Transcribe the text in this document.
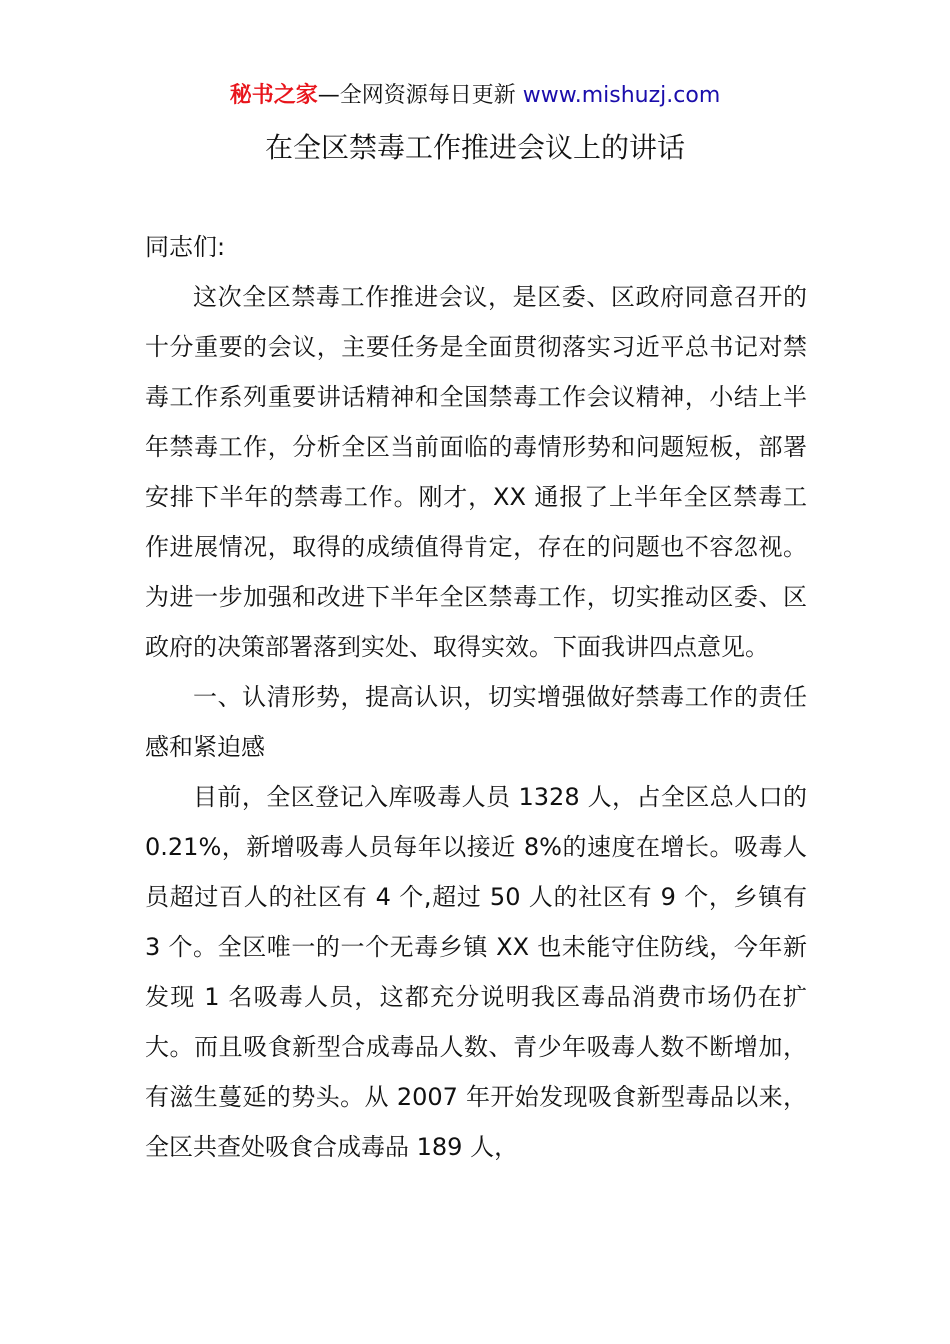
秘书之家—全网资源每日更新 www.mishuzj.com
在全区禁毒工作推进会议上的讲话

同志们:

这次全区禁毒工作推进会议，是区委、区政府同意召开的十分重要的会议，主要任务是全面贯彻落实习近平总书记对禁毒工作系列重要讲话精神和全国禁毒工作会议精神，小结上半年禁毒工作，分析全区当前面临的毒情形势和问题短板，部署安排下半年的禁毒工作。刚才，XX 通报了上半年全区禁毒工作进展情况，取得的成绩值得肯定，存在的问题也不容忽视。为进一步加强和改进下半年全区禁毒工作，切实推动区委、区政府的决策部署落到实处、取得实效。下面我讲四点意见。

一、认清形势，提高认识，切实增强做好禁毒工作的责任感和紧迫感

目前，全区登记入库吸毒人员 1328 人，占全区总人口的 0.21%，新增吸毒人员每年以接近 8%的速度在增长。吸毒人员超过百人的社区有 4 个,超过 50 人的社区有 9 个，乡镇有 3 个。全区唯一的一个无毒乡镇 XX 也未能守住防线，今年新发现 1 名吸毒人员，这都充分说明我区毒品消费市场仍在扩大。而且吸食新型合成毒品人数、青少年吸毒人数不断增加，有滋生蔓延的势头。从 2007 年开始发现吸食新型毒品以来，全区共查处吸食合成毒品 189 人，
